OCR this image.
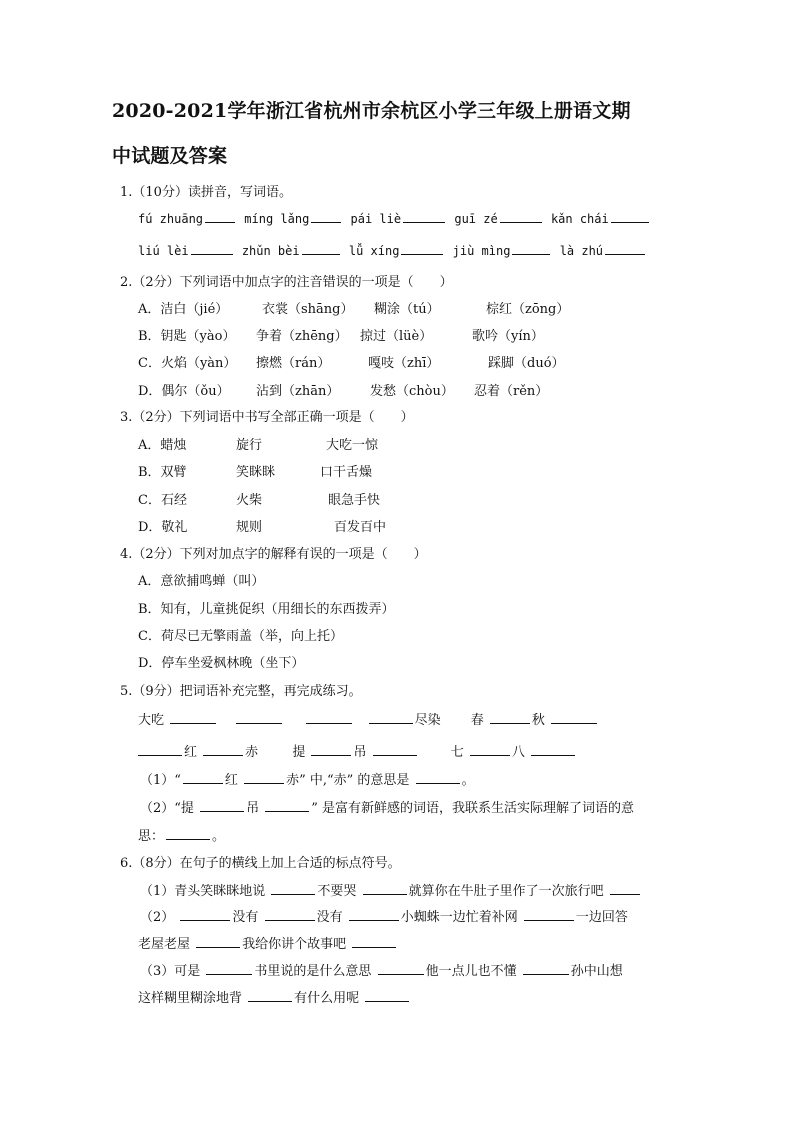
2020-2021学年浙江省杭州市余杭区小学三年级上册语文期
中试题及答案
1.（10分）读拼音，写词语。
fú zhuāng	míng lǎng	pái liè	guī zé	kǎn chái
liú lèi	zhǔn bèi	lǚ xíng	jiù mìng	là zhú
2.（2分）下列词语中加点字的注音错误的一项是（　　）
A．洁白（jié）	衣裳（shāng） 糊涂（tú）	棕红（zōng）
B．钥匙（yào） 争着（zhēng） 掠过（lüè）	歌吟（yín）
C．火焰（yàn） 擦燃（rán）	嘎吱（zhī）	踩脚（duó）
D．偶尔（ǒu） 沾到（zhān） 发愁（chòu） 忍着（rěn）
3.（2分）下列词语中书写全部正确一项是（　　）
A．蜡烛	旋行	大吃一惊
B．双臂	笑眯眯	口干舌燥
C．石经	火柴	眼急手快
D．敬礼	规则	百发百中
4.（2分）下列对加点字的解释有误的一项是（　　）
A．意欲捕鸣蝉（叫）
B．知有，儿童挑促织（用细长的东西拨弄）
C．荷尽已无擎雨盖（举，向上托）
D．停车坐爱枫林晚（坐下）
5.（9分）把词语补充完整，再完成练习。
大吃	尽染 春	秋
红	赤	提	吊	七	八
（1）“	红	赤” 中,“赤” 的意思是	。
（2）“提	吊	” 是富有新鲜感的词语，我联系生活实际理解了词语的意
思：	。
6.（8分）在句子的横线上加上合适的标点符号。
（1）青头笑眯眯地说	不要哭	就算你在牛肚子里作了一次旅行吧
（2）	没有	没有	小蜘蛛一边忙着补网	一边回答
老屋老屋	我给你讲个故事吧
（3）可是	书里说的是什么意思	他一点儿也不懂	孙中山想
这样糊里糊涂地背	有什么用呢
